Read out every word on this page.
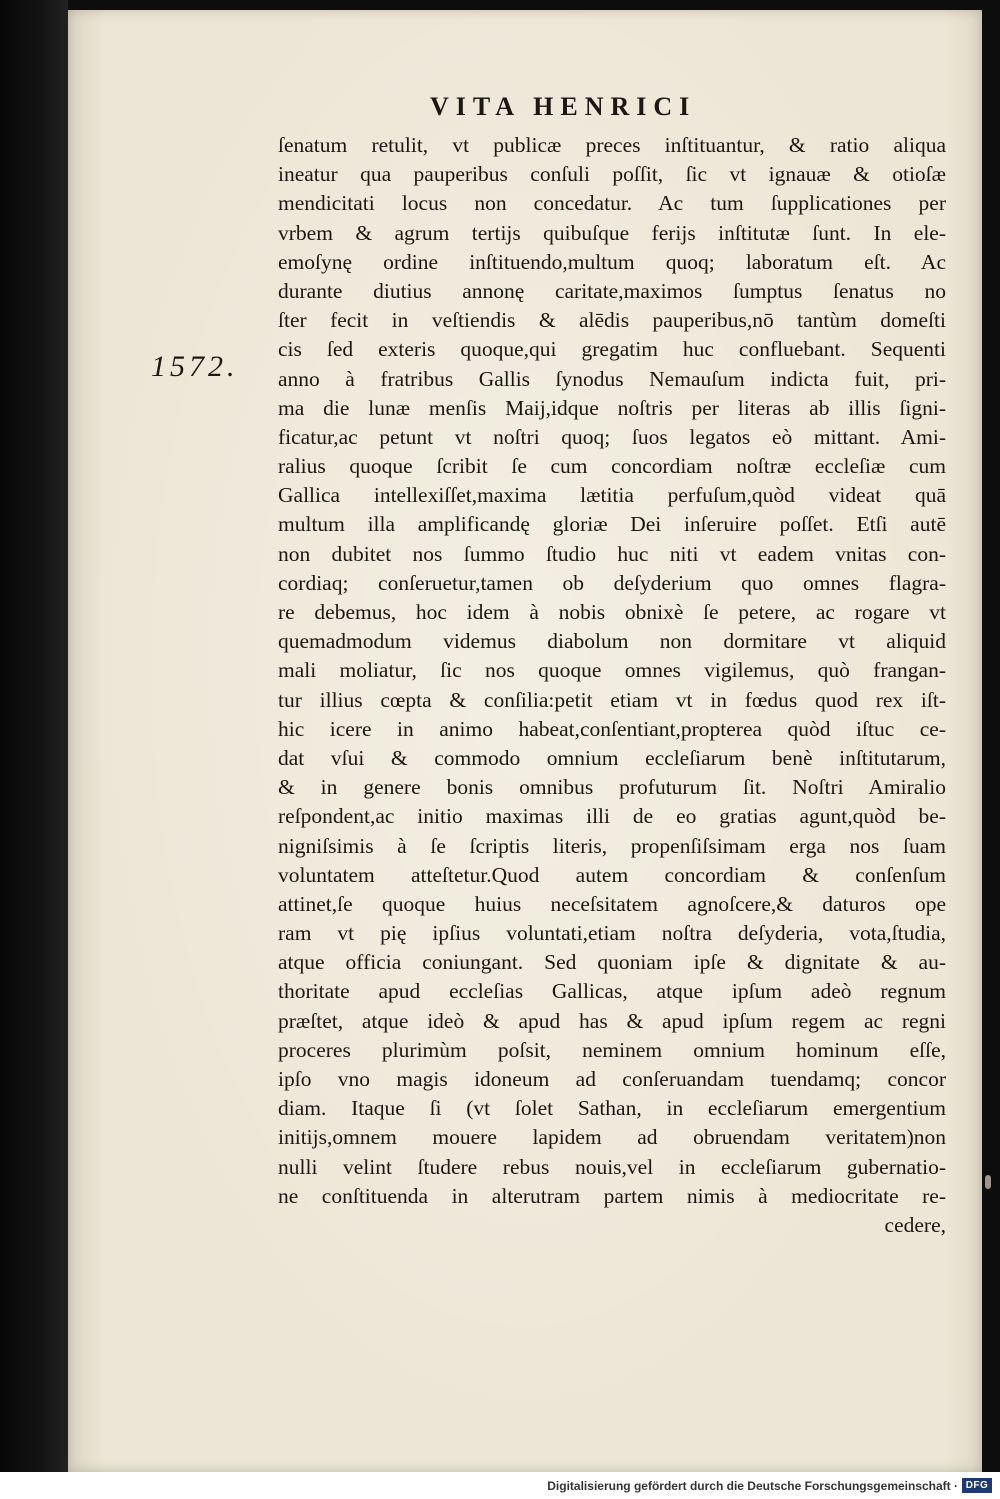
VITA HENRICI
1572.
ſenatum retulit, vt publicæ preces inſtituantur, & ratio aliqua
ineatur qua pauperibus conſuli poſſit, ſic vt ignauæ & otioſæ
mendicitati locus non concedatur. Ac tum ſupplicationes per
vrbem & agrum tertijs quibuſque ferijs inſtitutæ ſunt. In ele-
emoſynę ordine inſtituendo,multum quoq; laboratum eſt. Ac
durante diutius annonę caritate,maximos ſumptus ſenatus no
ſter fecit in veſtiendis & alēdis pauperibus,nō tantùm domeſti
cis ſed exteris quoque,qui gregatim huc confluebant. Sequenti
anno à fratribus Gallis ſynodus Nemauſum indicta fuit, pri-
ma die lunæ menſis Maij,idque noſtris per literas ab illis ſigni-
ficatur,ac petunt vt noſtri quoq; ſuos legatos eò mittant. Ami-
ralius quoque ſcribit ſe cum concordiam noſtræ eccleſiæ cum
Gallica intellexiſſet,maxima lætitia perfuſum,quòd videat quā
multum illa amplificandę gloriæ Dei inſeruire poſſet. Etſi autē
non dubitet nos ſummo ſtudio huc niti vt eadem vnitas con-
cordiaq; conſeruetur,tamen ob deſyderium quo omnes flagra-
re debemus, hoc idem à nobis obnixè ſe petere, ac rogare vt
quemadmodum videmus diabolum non dormitare vt aliquid
mali moliatur, ſic nos quoque omnes vigilemus, quò frangan-
tur illius cœpta & conſilia:petit etiam vt in fœdus quod rex iſt-
hic icere in animo habeat,conſentiant,propterea quòd iſtuc ce-
dat vſui & commodo omnium eccleſiarum benè inſtitutarum,
& in genere bonis omnibus profuturum ſit. Noſtri Amiralio
reſpondent,ac initio maximas illi de eo gratias agunt,quòd be-
nigniſsimis à ſe ſcriptis literis, propenſiſsimam erga nos ſuam
voluntatem atteſtetur.Quod autem concordiam & conſenſum
attinet,ſe quoque huius neceſsitatem agnoſcere,& daturos ope
ram vt pię ipſius voluntati,etiam noſtra deſyderia, vota,ſtudia,
atque officia coniungant. Sed quoniam ipſe & dignitate & au-
thoritate apud eccleſias Gallicas, atque ipſum adeò regnum
præſtet, atque ideò & apud has & apud ipſum regem ac regni
proceres plurimùm poſsit, neminem omnium hominum eſſe,
ipſo vno magis idoneum ad conſeruandam tuendamq; concor
diam. Itaque ſi (vt ſolet Sathan, in eccleſiarum emergentium
initijs,omnem mouere lapidem ad obruendam veritatem)non
nulli velint ſtudere rebus nouis,vel in eccleſiarum gubernatio-
ne conſtituenda in alterutram partem nimis à mediocritate re-
cedere,
Digitalisierung gefördert durch die Deutsche Forschungsgemeinschaft · DFG
